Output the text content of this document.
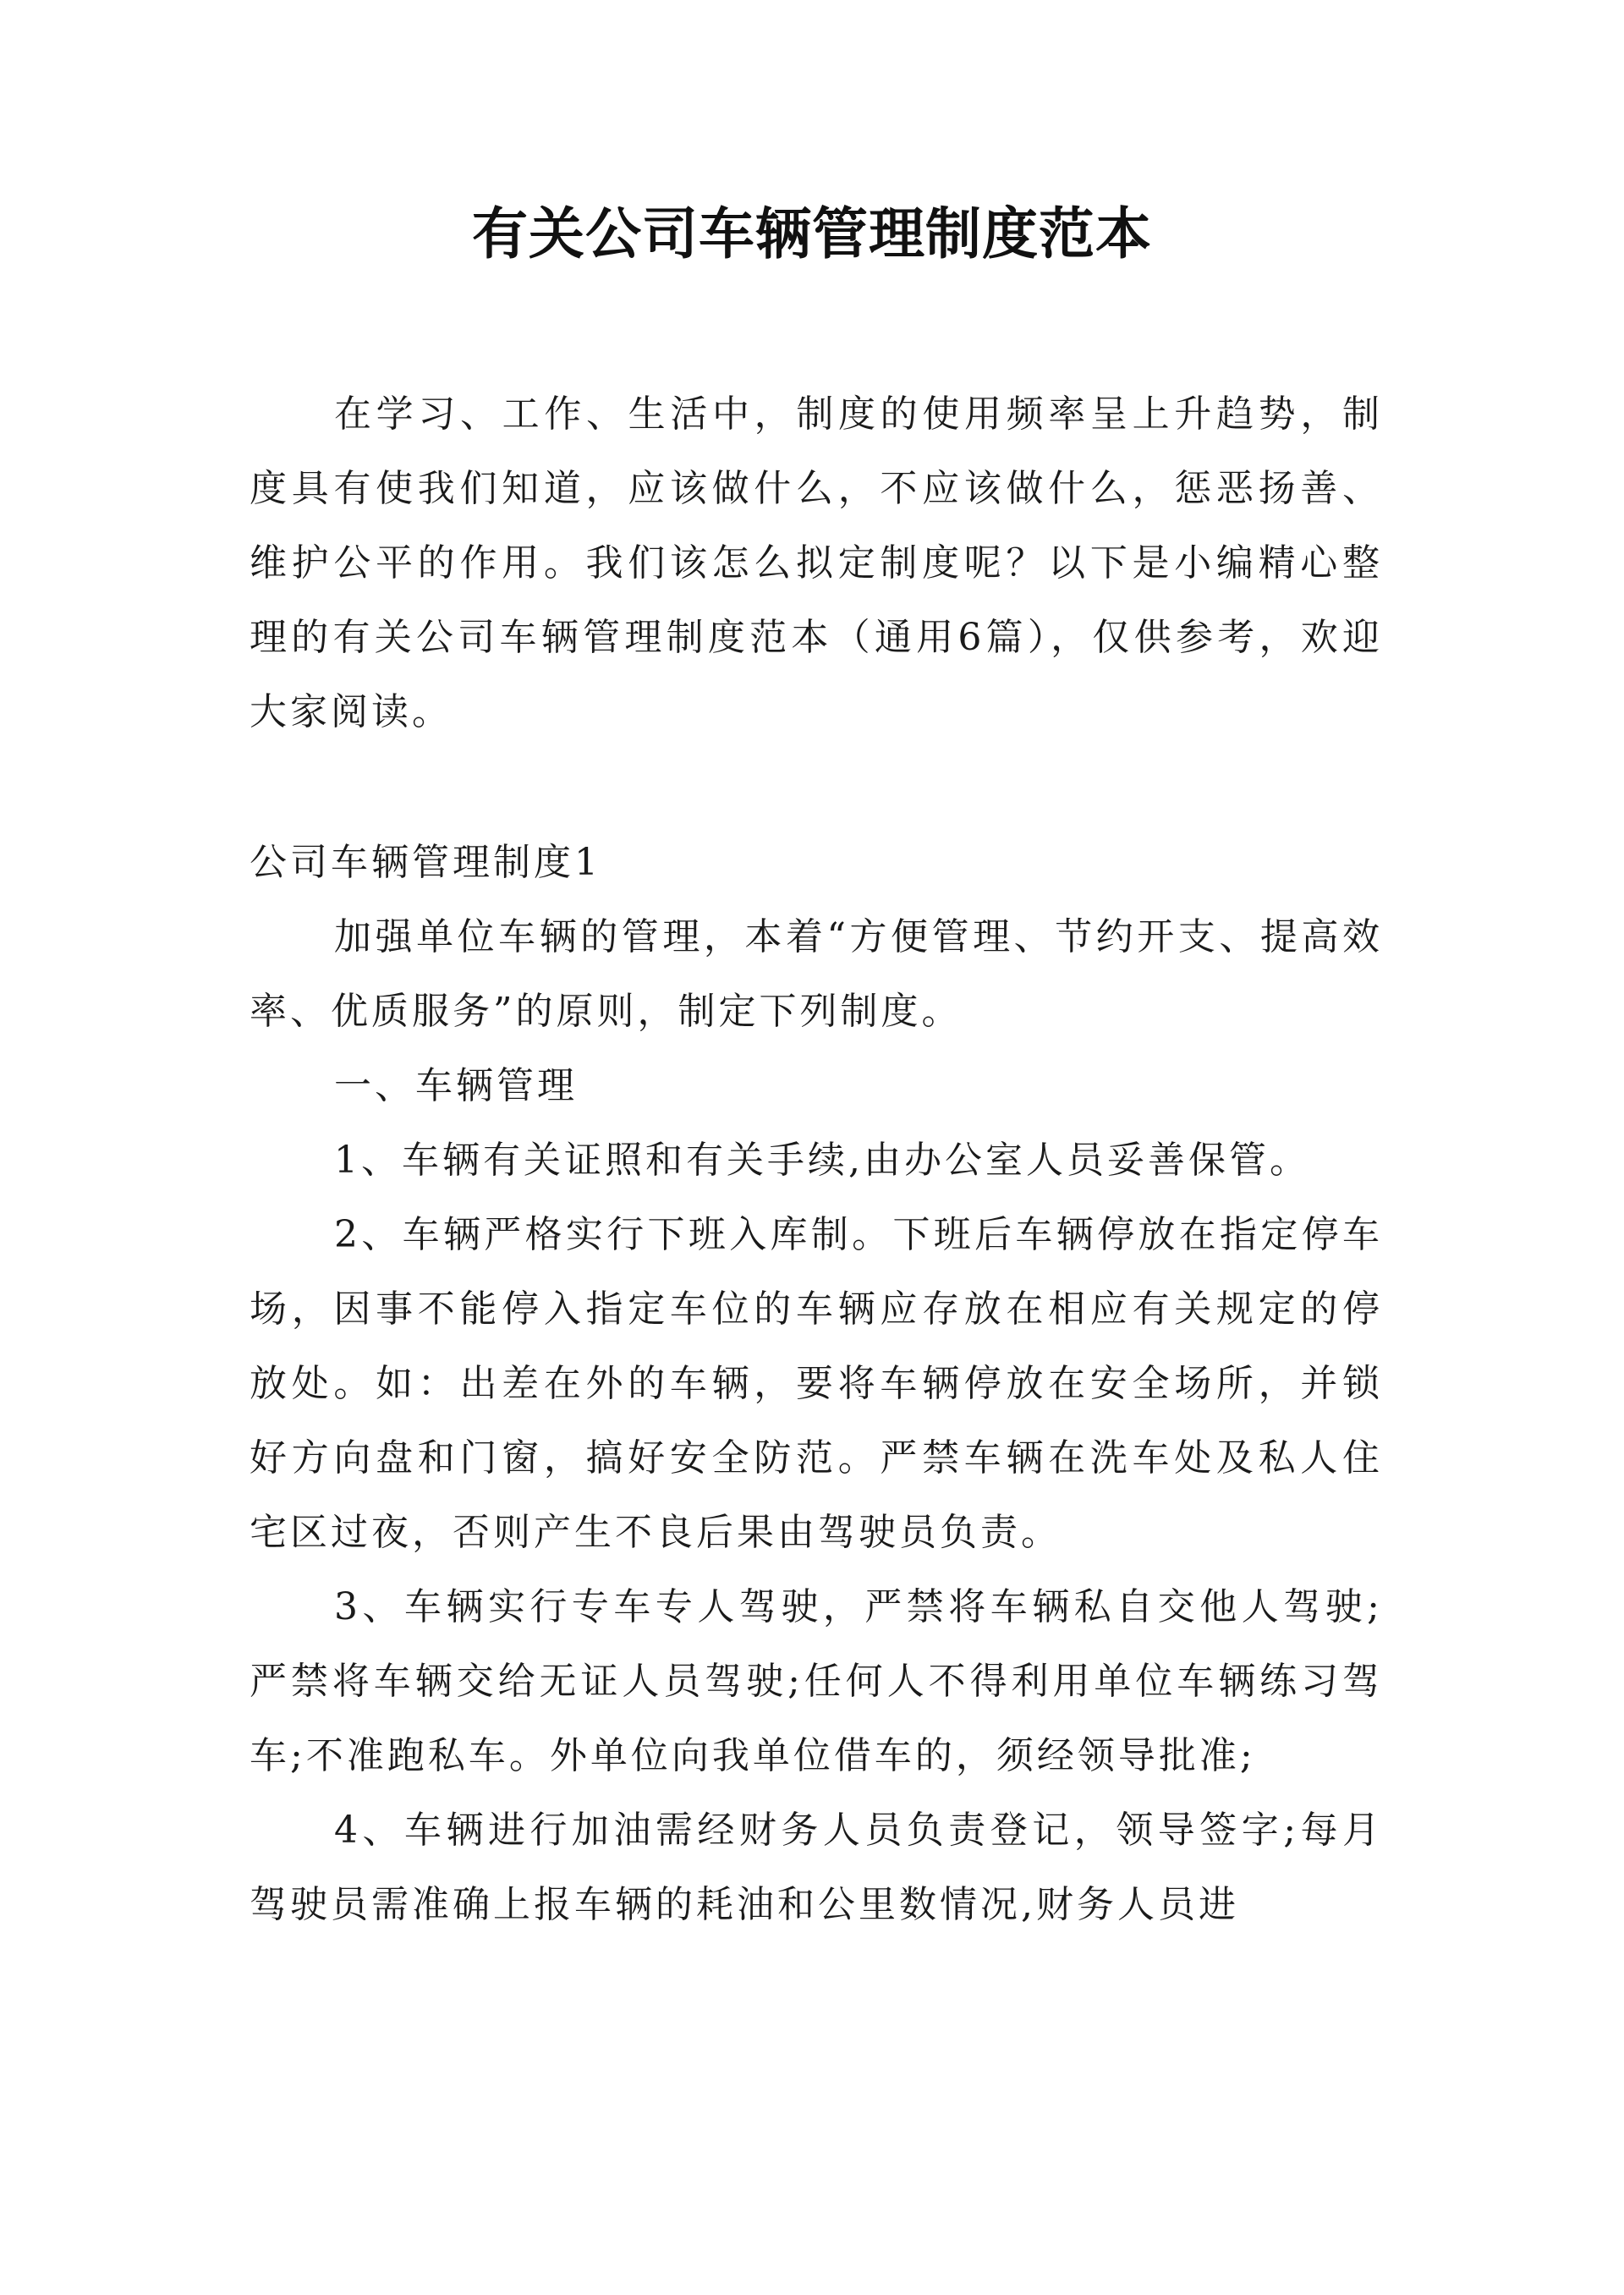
有关公司车辆管理制度范本

在学习、工作、生活中，制度的使用频率呈上升趋势，制度具有使我们知道，应该做什么，不应该做什么，惩恶扬善、维护公平的作用。我们该怎么拟定制度呢？以下是小编精心整理的有关公司车辆管理制度范本（通用6篇），仅供参考，欢迎大家阅读。

公司车辆管理制度1

加强单位车辆的管理，本着“方便管理、节约开支、提高效率、优质服务”的原则，制定下列制度。

一、车辆管理

1、车辆有关证照和有关手续,由办公室人员妥善保管。

2、车辆严格实行下班入库制。下班后车辆停放在指定停车场，因事不能停入指定车位的车辆应存放在相应有关规定的停放处。如：出差在外的车辆，要将车辆停放在安全场所，并锁好方向盘和门窗，搞好安全防范。严禁车辆在洗车处及私人住宅区过夜，否则产生不良后果由驾驶员负责。

3、车辆实行专车专人驾驶，严禁将车辆私自交他人驾驶;严禁将车辆交给无证人员驾驶;任何人不得利用单位车辆练习驾车;不准跑私车。外单位向我单位借车的，须经领导批准;

4、车辆进行加油需经财务人员负责登记，领导签字;每月驾驶员需准确上报车辆的耗油和公里数情况,财务人员进
